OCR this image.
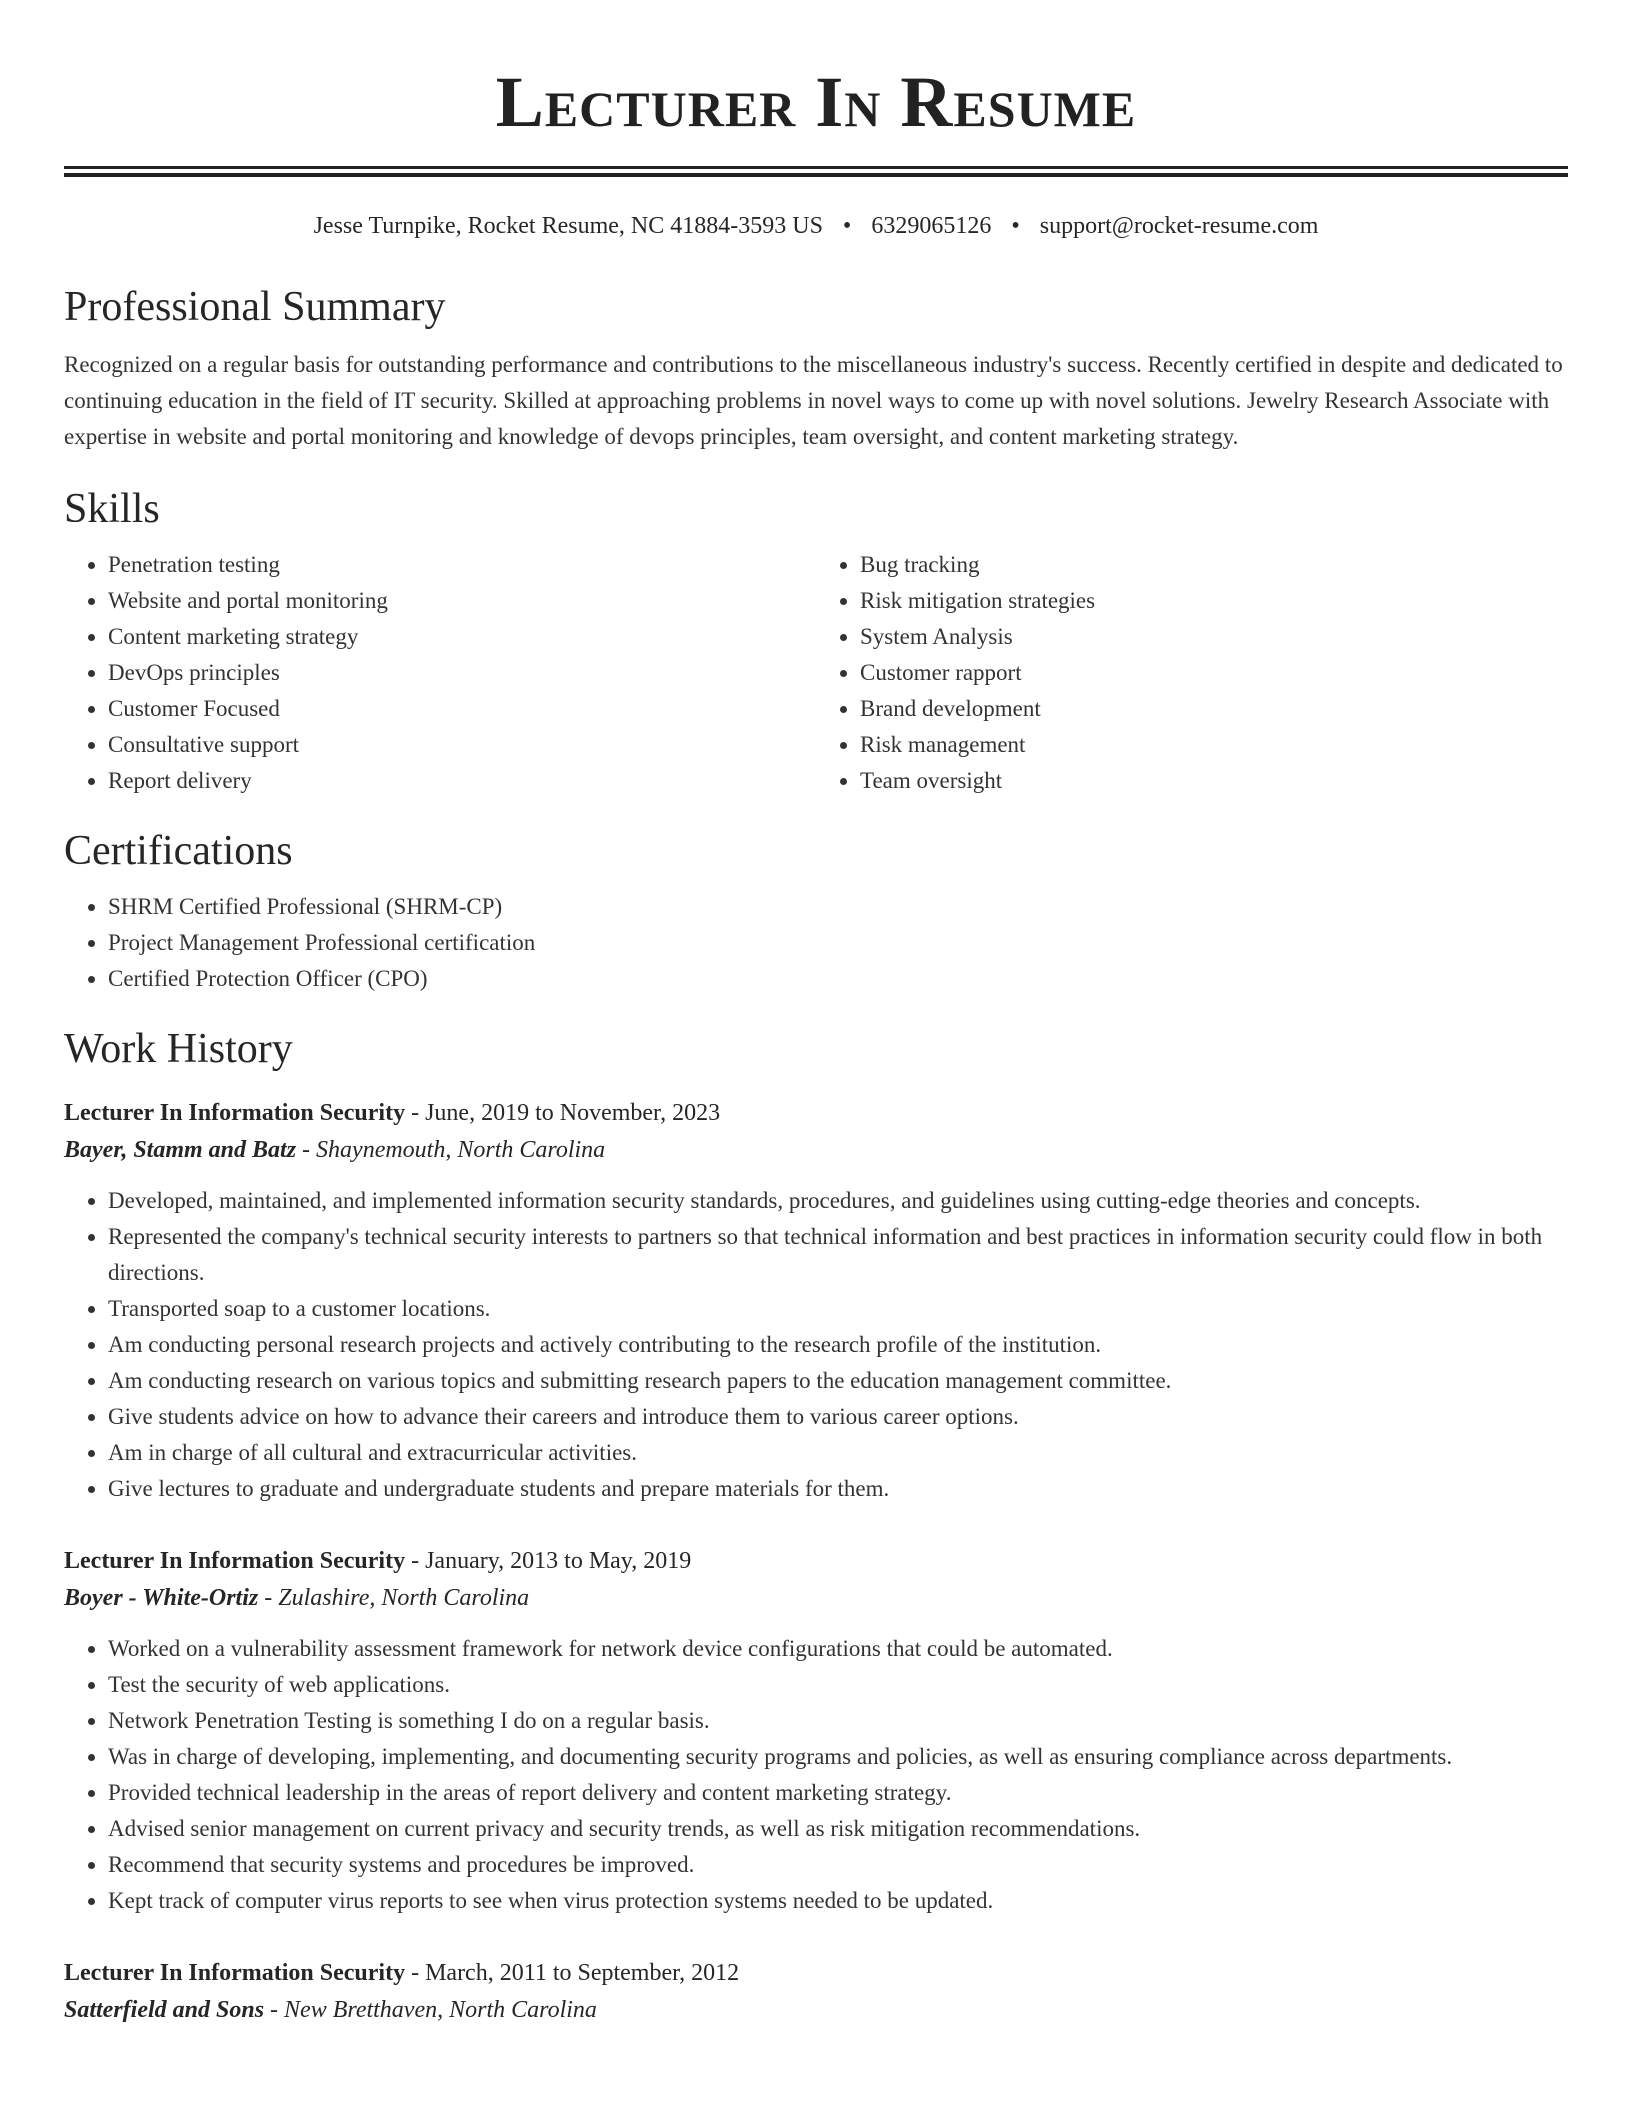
Lecturer In Resume
Jesse Turnpike, Rocket Resume, NC 41884-3593 US • 6329065126 • support@rocket-resume.com
Professional Summary
Recognized on a regular basis for outstanding performance and contributions to the miscellaneous industry's success. Recently certified in despite and dedicated to continuing education in the field of IT security. Skilled at approaching problems in novel ways to come up with novel solutions. Jewelry Research Associate with expertise in website and portal monitoring and knowledge of devops principles, team oversight, and content marketing strategy.
Skills
• Penetration testing
• Website and portal monitoring
• Content marketing strategy
• DevOps principles
• Customer Focused
• Consultative support
• Report delivery
• Bug tracking
• Risk mitigation strategies
• System Analysis
• Customer rapport
• Brand development
• Risk management
• Team oversight
Certifications
• SHRM Certified Professional (SHRM-CP)
• Project Management Professional certification
• Certified Protection Officer (CPO)
Work History
Lecturer In Information Security - June, 2019 to November, 2023
Bayer, Stamm and Batz - Shaynemouth, North Carolina
• Developed, maintained, and implemented information security standards, procedures, and guidelines using cutting-edge theories and concepts.
• Represented the company's technical security interests to partners so that technical information and best practices in information security could flow in both directions.
• Transported soap to a customer locations.
• Am conducting personal research projects and actively contributing to the research profile of the institution.
• Am conducting research on various topics and submitting research papers to the education management committee.
• Give students advice on how to advance their careers and introduce them to various career options.
• Am in charge of all cultural and extracurricular activities.
• Give lectures to graduate and undergraduate students and prepare materials for them.
Lecturer In Information Security - January, 2013 to May, 2019
Boyer - White-Ortiz - Zulashire, North Carolina
• Worked on a vulnerability assessment framework for network device configurations that could be automated.
• Test the security of web applications.
• Network Penetration Testing is something I do on a regular basis.
• Was in charge of developing, implementing, and documenting security programs and policies, as well as ensuring compliance across departments.
• Provided technical leadership in the areas of report delivery and content marketing strategy.
• Advised senior management on current privacy and security trends, as well as risk mitigation recommendations.
• Recommend that security systems and procedures be improved.
• Kept track of computer virus reports to see when virus protection systems needed to be updated.
Lecturer In Information Security - March, 2011 to September, 2012
Satterfield and Sons - New Bretthaven, North Carolina
